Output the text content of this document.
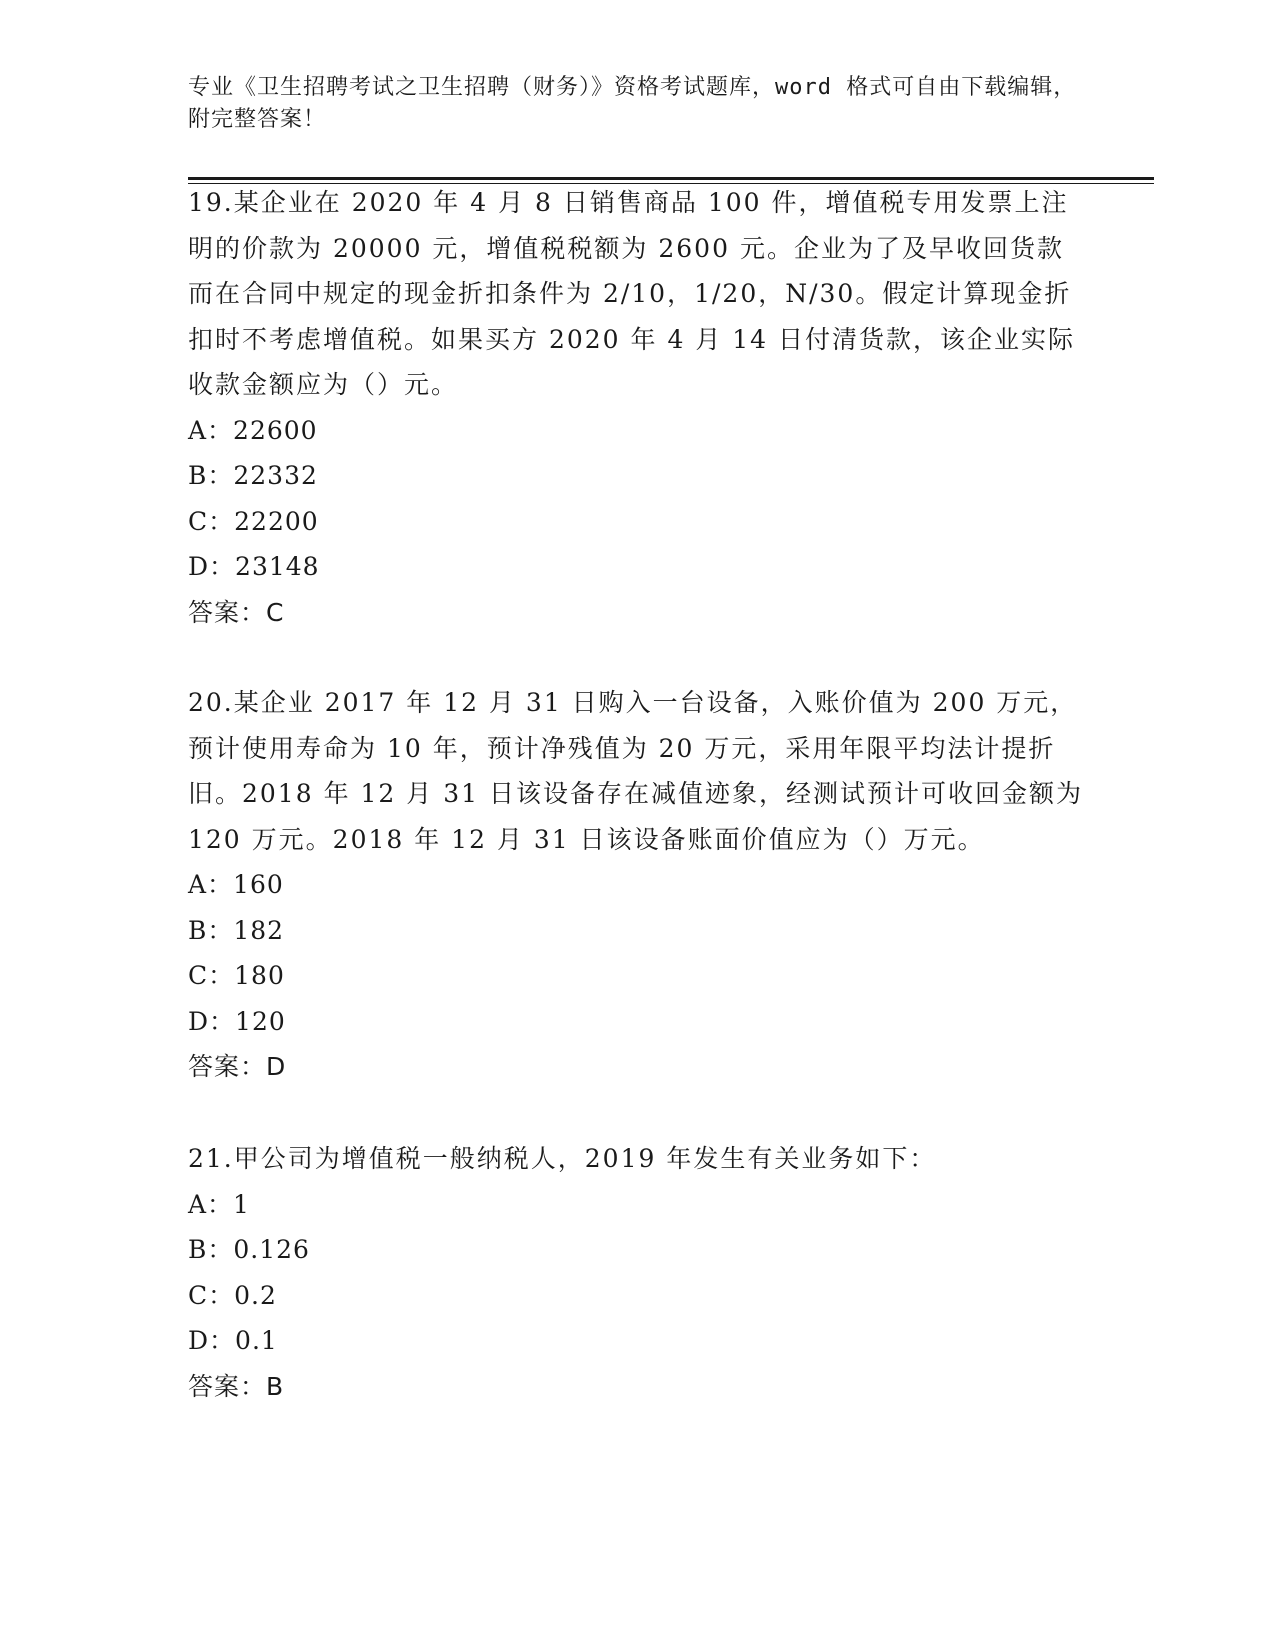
专业《卫生招聘考试之卫生招聘（财务）》资格考试题库，word 格式可自由下载编辑，附完整答案！

19.某企业在 2020 年 4 月 8 日销售商品 100 件，增值税专用发票上注明的价款为 20000 元，增值税税额为 2600 元。企业为了及早收回货款而在合同中规定的现金折扣条件为 2/10，1/20，N/30。假定计算现金折扣时不考虑增值税。如果买方 2020 年 4 月 14 日付清货款，该企业实际收款金额应为（）元。

A：22600
B：22332
C：22200
D：23148
答案：C

20.某企业 2017 年 12 月 31 日购入一台设备，入账价值为 200 万元，预计使用寿命为 10 年，预计净残值为 20 万元，采用年限平均法计提折旧。2018 年 12 月 31 日该设备存在减值迹象，经测试预计可收回金额为 120 万元。2018 年 12 月 31 日该设备账面价值应为（）万元。

A：160
B：182
C：180
D：120
答案：D

21.甲公司为增值税一般纳税人，2019 年发生有关业务如下：

A：1
B：0.126
C：0.2
D：0.1
答案：B
